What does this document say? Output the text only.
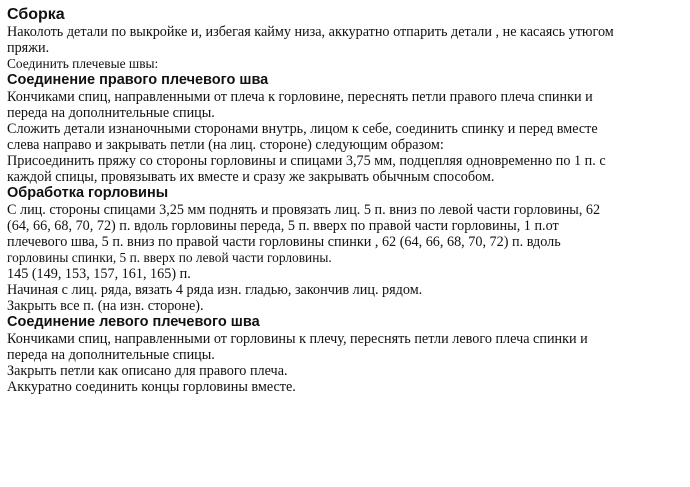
Сборка
Наколоть детали по выкройке и, избегая кайму низа, аккуратно отпарить детали , не касаясь утюгом
пряжи.
Соединить плечевые швы:
Соединение правого плечевого шва
Кончиками спиц, направленными от плеча к горловине, переснять петли правого плеча спинки и
переда на дополнительные спицы.
Сложить детали изнаночными сторонами внутрь, лицом к себе, соединить спинку и перед вместе
слева направо и закрывать петли (на лиц. стороне) следующим образом:
Присоединить пряжу со стороны горловины и спицами 3,75 мм, подцепляя одновременно по 1 п. с
каждой спицы, провязывать их вместе и сразу же закрывать обычным способом.
Обработка горловины
С лиц. стороны спицами 3,25 мм поднять и провязать лиц. 5 п. вниз по левой части горловины, 62
(64, 66, 68, 70, 72) п. вдоль горловины переда, 5 п. вверх по правой части горловины, 1 п.от
плечевого шва, 5 п. вниз по правой части горловины спинки , 62 (64, 66, 68, 70, 72) п. вдоль
горловины спинки, 5 п. вверх по левой части горловины.
145 (149, 153, 157, 161, 165) п.
Начиная с лиц. ряда, вязать 4 ряда изн. гладью, закончив лиц. рядом.
Закрыть все п. (на изн. стороне).
Соединение левого плечевого шва
Кончиками спиц, направленными от горловины к плечу, переснять петли левого плеча спинки и
переда на дополнительные спицы.
Закрыть петли как описано для правого плеча.
Аккуратно соединить концы горловины вместе.
